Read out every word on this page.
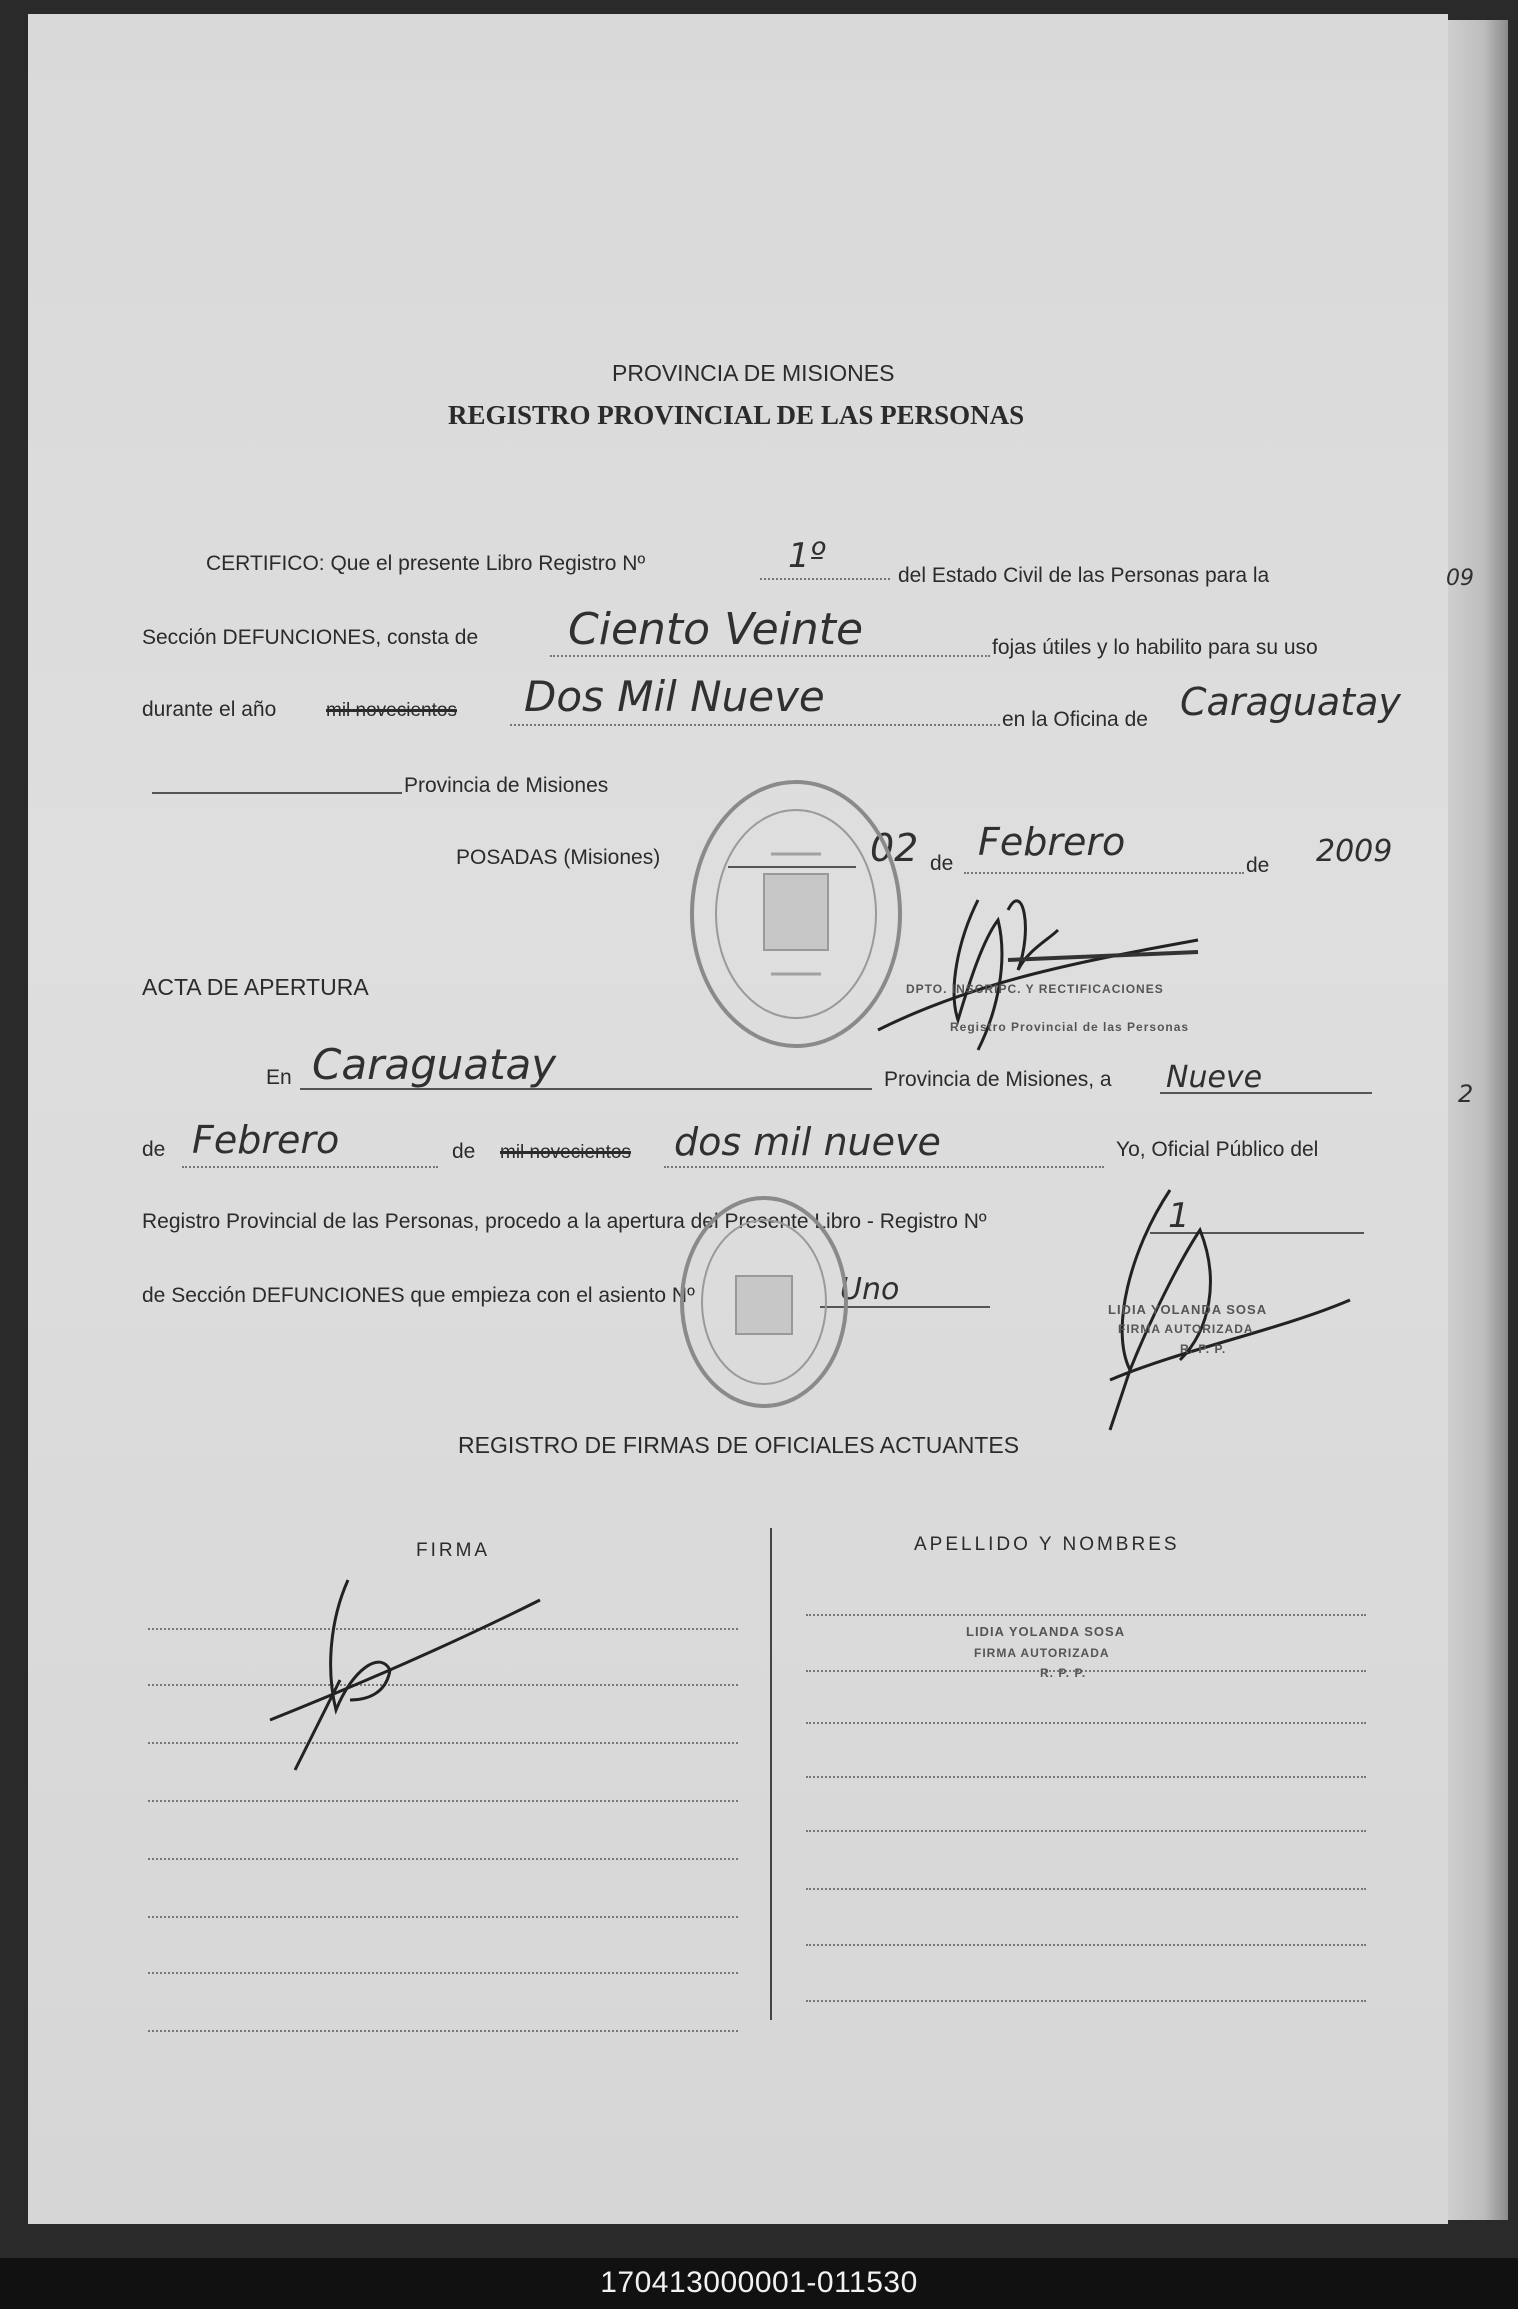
PROVINCIA DE MISIONES
REGISTRO PROVINCIAL DE LAS PERSONAS
CERTIFICO: Que el presente Libro Registro Nº	1º	del Estado Civil de las Personas para la
Sección DEFUNCIONES, consta de Ciento Veinte	fojas útiles y lo habilito para su uso
durante el año	mil novecientos Dos Mil Nueve	en la Oficina de Caraguatay
Provincia de Misiones
POSADAS (Misiones)	02 de Febrero
de 2009
DPTO. INSCRIPC. Y RECTIFICACIONES
Registro Provincial de las Personas
ACTA DE APERTURA
En Caraguatay	Provincia de Misiones, a Nueve
de Febrero	de mil novecientos dos mil nueve	Yo, Oficial Público del
Registro Provincial de las Personas, procedo a la apertura del Presente Libro - Registro Nº	1
de Sección DEFUNCIONES que empieza con el asiento Nº	Uno
LIDIA YOLANDA SOSA
FIRMA AUTORIZADA
R. P. P.
REGISTRO DE FIRMAS DE OFICIALES ACTUANTES
FIRMA	APELLIDO Y NOMBRES
LIDIA YOLANDA SOSA
FIRMA AUTORIZADA
R. P. P.
09
2
170413000001-011530
